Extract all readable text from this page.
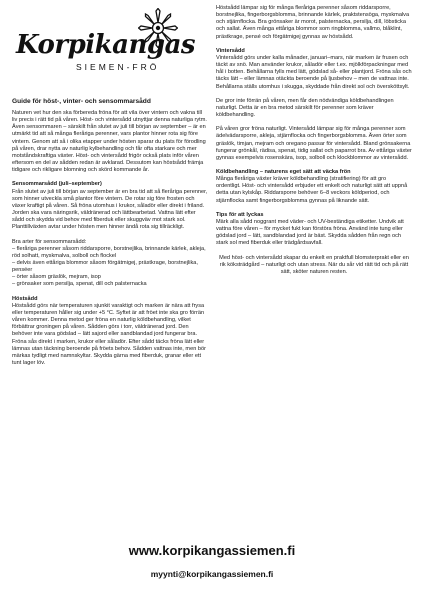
Korpikangas
SIEMEN-FRÖ
Guide för höst-, vinter- och sensommarsådd

Naturen vet hur den ska förbereda fröna för att vila över vintern och vakna till liv precis i rätt tid på våren. Höst- och vintersådd utnyttjar denna naturliga rytm. Även sensommaren – särskilt från slutet av juli till början av september – är en utmärkt tid att så många fleråriga perenner, vars plantor hinner rota sig före vintern. Genom att så i olika etapper under hösten sparar du plats för förodling på våren, drar nytta av naturlig kylbehandling och får ofta starkare och mer motståndskraftiga växter. Höst- och vintersådd frigör också plats inför våren eftersom en del av sådden redan är avklarad. Dessutom kan höstsådd främja tidigare och rikligare blomning och skörd kommande år.

Sensommarsådd (juli–september)

Från slutet av juli till början av september är en bra tid att så fleråriga perenner, som hinner utveckla små plantor före vintern. De rotar sig före frosten och växer kraftigt på våren. Så fröna utomhus i krukor, såladör eller direkt i friland. Jorden ska vara näringsrik, väldränerad och lättbearbetad. Vattna lätt efter sådd och skydda vid behov med fiberduk eller skuggväv mot stark sol. Planttillväxten avtar under hösten men hinner ändå rota sig tillräckligt.

Bra arter för sensommarsådd:
– fleråriga perenner såsom riddarsporre, borstnejlika, brinnande kärlek, akleja, röd solhatt, myskmalva, solboll och flockel
– delvis även ettåriga blommor såsom förgätmigej, prästkrage, borstnejlika, penséer
– örter såsom gräslök, mejram, isop
– grönsaker som persilja, spenat, dill och palsternacka
Höstsådd

Höstsådd görs när temperaturen sjunkit varaktigt och marken är nära att frysa eller temperaturen håller sig under +5 °C. Syftet är att fröet inte ska gro förrän våren kommer. Denna metod ger fröna en naturlig köldbehandling, vilket förbättrar groningen på våren. Sådden görs i torr, väldränerad jord. Den behöver inte vara gödslad – lätt sajord eller sandblandad jord fungerar bra. Fröna sås direkt i marken, krukor eller såladör. Efter sådd täcks fröna lätt eller lämnas utan täckning beroende på fröets behov. Sådden vattnas inte, men bör märkas tydligt med namnskyltar. Skydda gärna med fiberduk, granar eller ett tunt lager löv.

Höstsådd lämpar sig för många fleråriga perenner såsom riddarsporre, borstnejlika, fingerborgsblomma, brinnande kärlek, praktstensöga, myskmalva och stjärnflocka. Bra grönsaker är morot, palsternacka, persilja, dill, löbsticka och sallat. Även många ettåriga blommor som ringblomma, vallmo, blåklint, prästkrage, pensé och förgätmigej gynnas av höstsådd.

Vintersådd

Vintersådd görs under kalla månader, januari–mars, när marken är frusen och täckt av snö. Man använder krukor, såladör eller t.ex. mjölkförpackningar med hål i botten. Behållarna fylls med lätt, gödslad så- eller plantjord. Fröna sås och täcks lätt – eller lämnas otäckta beroende på ljusbehov – men de vattnas inte. Behållarna ställs utomhus i skugga, skyddade från direkt sol och översköttsylt.

De gror inte förrän på våren, men får den nödvändiga köldbehandlingen naturligt. Detta är en bra metod särskilt för perenner som kräver köldbehandling.

På våren gror fröna naturligt. Vintersådd lämpar sig för många perenner som ädelvädarsporre, akleja, stjärnflocka och fingerborgsblomma. Även örter som gräslök, timjan, mejram och oregano passar för vintersådd. Bland grönsakerna fungerar grönkål, rädisa, spenat, tidig sallat och paparrot bra. Av ettåriga växter gynnas exempelvis rosenskära, isop, solboll och klockblommor av vintersådd.

Köldbehandling – naturens eget sätt att väcka frön

Många fleråriga växter kräver köldbehandling (stratifiering) för att gro ordentligt. Höst- och vintersådd erbjuder ett enkelt och naturligt sätt att uppnå detta utan kylskåp. Riddarsporre behöver 6–8 veckors köldperiod, och stjärnflocka samt fingerborgsblomma gynnas på liknande sätt.

Tips för att lyckas

Märk alla sådd noggrant med väder- och UV-beständiga etiketter. Undvik att vattna före våren – för mycket fukt kan förstöra fröna. Använd inte tung eller gödslad jord – lätt, sandblandad jord är bäst. Skydda sådden från regn och stark sol med fiberduk eller trädgårdsavfall.

Med höst- och vintersådd skapar du enkelt en praktfull blomsterprakt eller en rik köksträdgård – naturligt och utan stress. När du sår vid rätt tid och på rätt sätt, sköter naturen resten.

www.korpikangassiemen.fi
myynti@korpikangassiemen.fi
